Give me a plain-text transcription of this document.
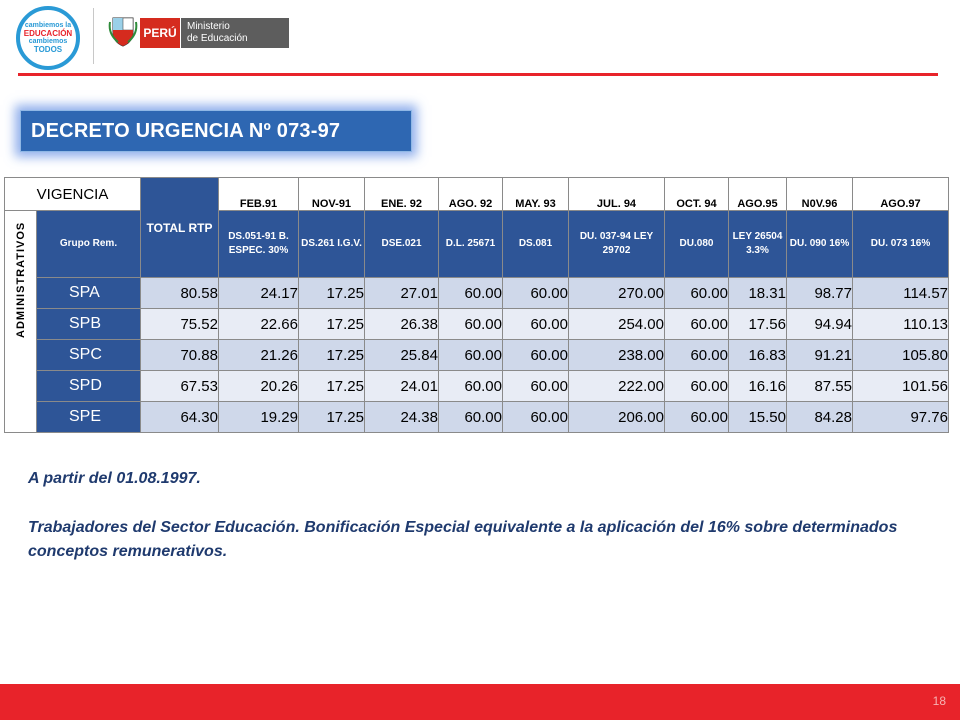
cambiemos la
EDUCACIÓN
cambiemos
TODOS
PERÚ	Ministerio
de Educación
DECRETO URGENCIA Nº 073-97
VIGENCIA		TOTAL RTP	FEB.91	NOV-91	ENE. 92	AGO. 92	MAY. 93	JUL. 94	OCT. 94	AGO.95	N0V.96	AGO.97

ADMINISTRATIVOS	Grupo Rem.		DS.051-91 B. ESPEC. 30%	DS.261 I.G.V.	DSE.021	D.L. 25671	DS.081	DU. 037-94 LEY 29702	DU.080	LEY 26504 3.3%	DU. 090 16%	DU. 073 16%
	SPA	80.58	24.17	17.25	27.01	60.00	60.00	270.00	60.00	18.31	98.77	114.57
	SPB	75.52	22.66	17.25	26.38	60.00	60.00	254.00	60.00	17.56	94.94	110.13
	SPC	70.88	21.26	17.25	25.84	60.00	60.00	238.00	60.00	16.83	91.21	105.80
	SPD	67.53	20.26	17.25	24.01	60.00	60.00	222.00	60.00	16.16	87.55	101.56
	SPE	64.30	19.29	17.25	24.38	60.00	60.00	206.00	60.00	15.50	84.28	97.76
A partir del 01.08.1997.
Trabajadores del Sector Educación. Bonificación Especial equivalente a la aplicación del 16% sobre determinados conceptos remunerativos.
18
